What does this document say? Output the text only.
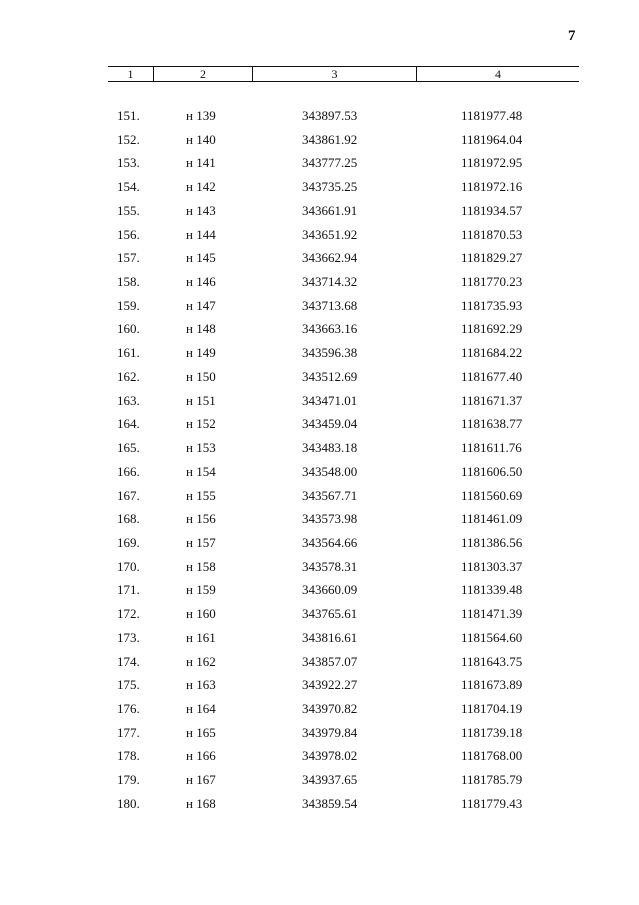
7
1	2	3	4
151.	н 139	343897.53	1181977.48
152.	н 140	343861.92	1181964.04
153.	н 141	343777.25	1181972.95
154.	н 142	343735.25	1181972.16
155.	н 143	343661.91	1181934.57
156.	н 144	343651.92	1181870.53
157.	н 145	343662.94	1181829.27
158.	н 146	343714.32	1181770.23
159.	н 147	343713.68	1181735.93
160.	н 148	343663.16	1181692.29
161.	н 149	343596.38	1181684.22
162.	н 150	343512.69	1181677.40
163.	н 151	343471.01	1181671.37
164.	н 152	343459.04	1181638.77
165.	н 153	343483.18	1181611.76
166.	н 154	343548.00	1181606.50
167.	н 155	343567.71	1181560.69
168.	н 156	343573.98	1181461.09
169.	н 157	343564.66	1181386.56
170.	н 158	343578.31	1181303.37
171.	н 159	343660.09	1181339.48
172.	н 160	343765.61	1181471.39
173.	н 161	343816.61	1181564.60
174.	н 162	343857.07	1181643.75
175.	н 163	343922.27	1181673.89
176.	н 164	343970.82	1181704.19
177.	н 165	343979.84	1181739.18
178.	н 166	343978.02	1181768.00
179.	н 167	343937.65	1181785.79
180.	н 168	343859.54	1181779.43
